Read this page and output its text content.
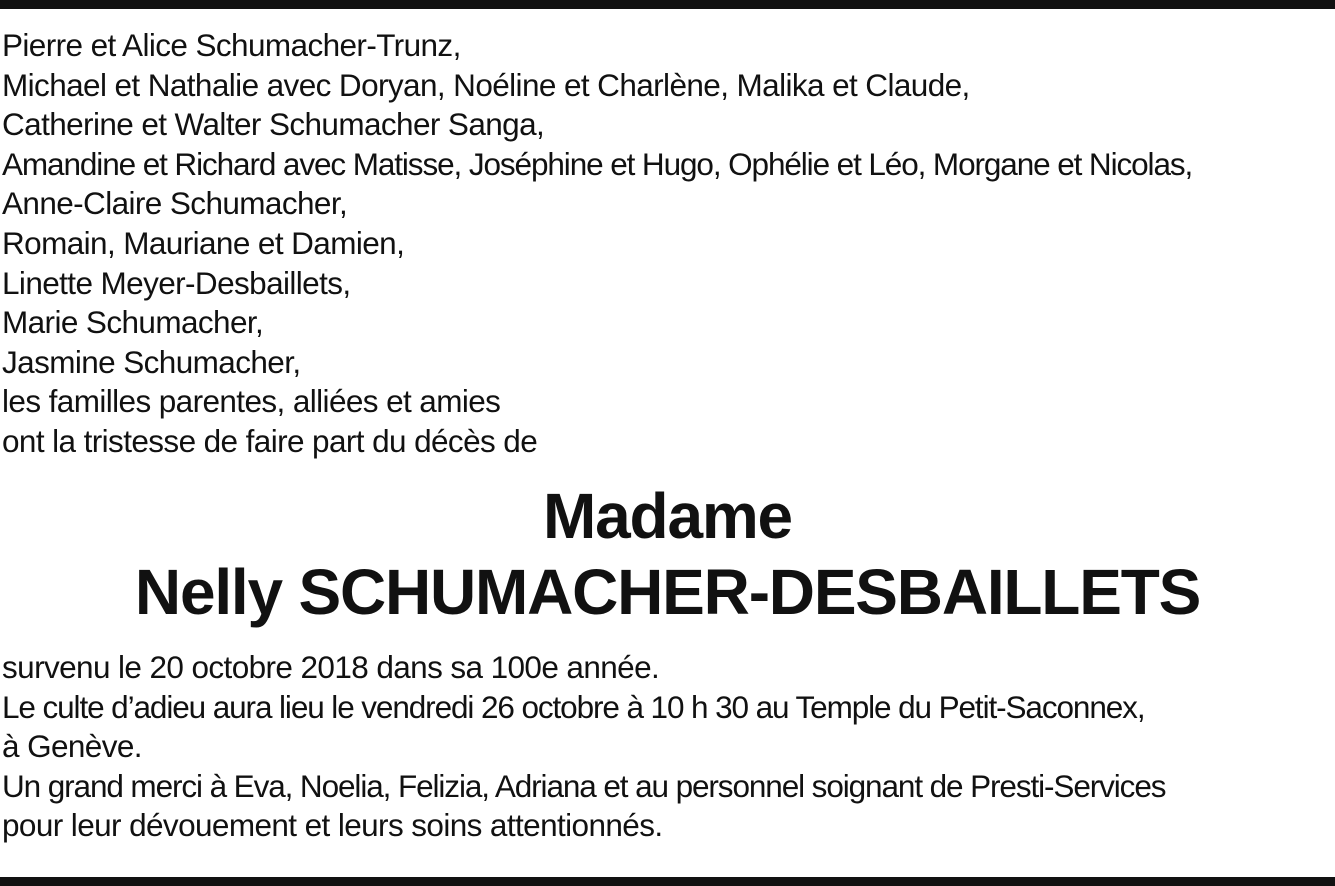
Pierre et Alice Schumacher-Trunz,
Michael et Nathalie avec Doryan, Noéline et Charlène, Malika et Claude,
Catherine et Walter Schumacher Sanga,
Amandine et Richard avec Matisse, Joséphine et Hugo, Ophélie et Léo, Morgane et Nicolas,
Anne-Claire Schumacher,
Romain, Mauriane et Damien,
Linette Meyer-Desbaillets,
Marie Schumacher,
Jasmine Schumacher,
les familles parentes, alliées et amies
ont la tristesse de faire part du décès de
Madame
Nelly SCHUMACHER-DESBAILLETS
survenu le 20 octobre 2018 dans sa 100e année.
Le culte d’adieu aura lieu le vendredi 26 octobre à 10 h 30 au Temple du Petit-Saconnex,
à Genève.
Un grand merci à Eva, Noelia, Felizia, Adriana et au personnel soignant de Presti-Services
pour leur dévouement et leurs soins attentionnés.
